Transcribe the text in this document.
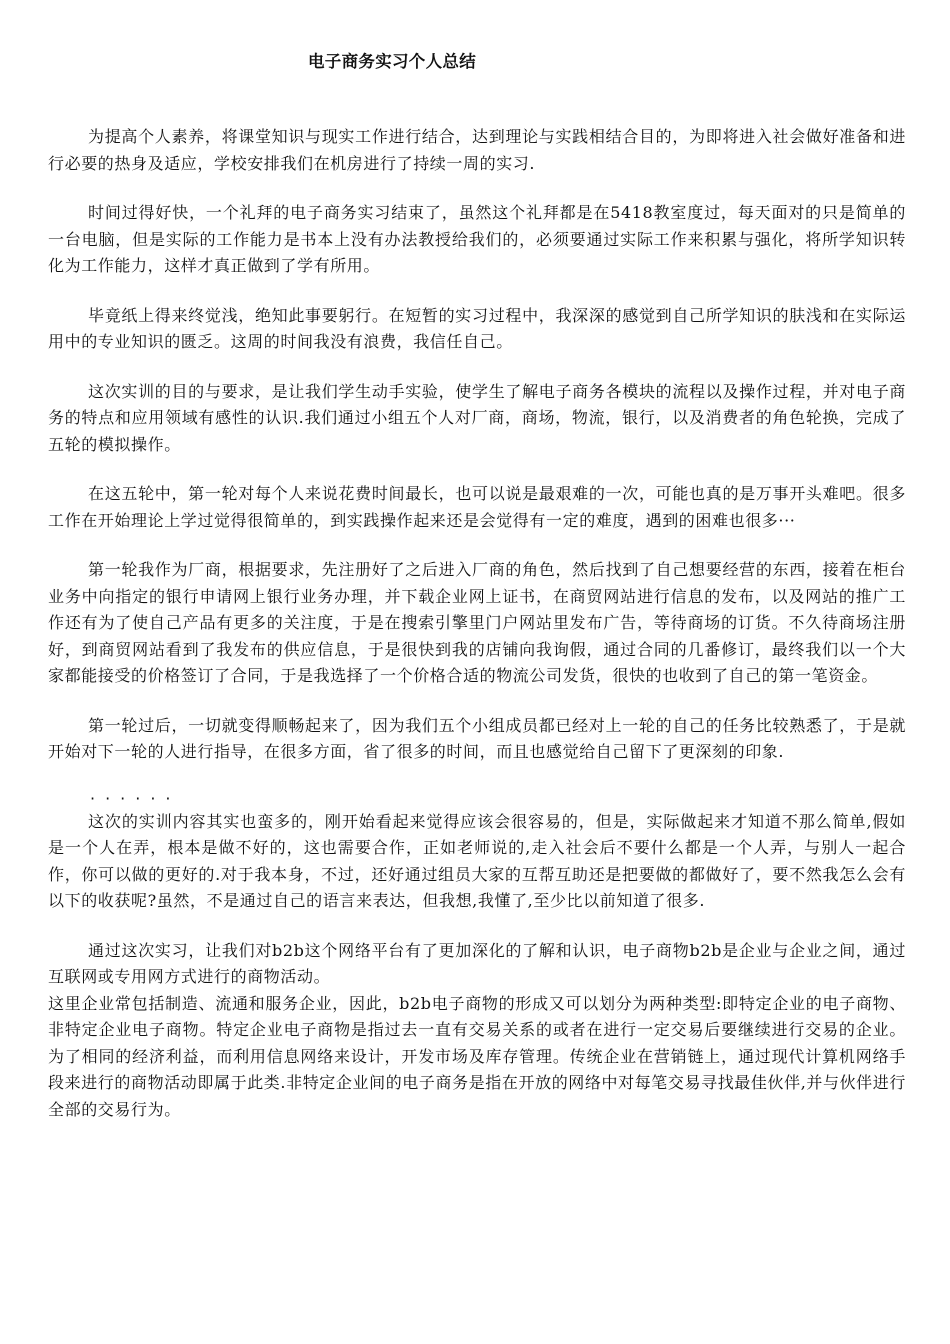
电子商务实习个人总结

为提高个人素养，将课堂知识与现实工作进行结合，达到理论与实践相结合目的，为即将进入社会做好准备和进行必要的热身及适应，学校安排我们在机房进行了持续一周的实习.

时间过得好快，一个礼拜的电子商务实习结束了，虽然这个礼拜都是在5418教室度过，每天面对的只是简单的一台电脑，但是实际的工作能力是书本上没有办法教授给我们的，必须要通过实际工作来积累与强化，将所学知识转化为工作能力，这样才真正做到了学有所用。

毕竟纸上得来终觉浅，绝知此事要躬行。在短暂的实习过程中，我深深的感觉到自己所学知识的肤浅和在实际运用中的专业知识的匮乏。这周的时间我没有浪费，我信任自己。

这次实训的目的与要求，是让我们学生动手实验，使学生了解电子商务各模块的流程以及操作过程，并对电子商务的特点和应用领域有感性的认识.我们通过小组五个人对厂商，商场，物流，银行，以及消费者的角色轮换，完成了五轮的模拟操作。

在这五轮中，第一轮对每个人来说花费时间最长，也可以说是最艰难的一次，可能也真的是万事开头难吧。很多工作在开始理论上学过觉得很简单的，到实践操作起来还是会觉得有一定的难度，遇到的困难也很多···

第一轮我作为厂商，根据要求，先注册好了之后进入厂商的角色，然后找到了自己想要经营的东西，接着在柜台业务中向指定的银行申请网上银行业务办理，并下载企业网上证书，在商贸网站进行信息的发布，以及网站的推广工作还有为了使自己产品有更多的关注度，于是在搜索引擎里门户网站里发布广告，等待商场的订货。不久待商场注册好，到商贸网站看到了我发布的供应信息，于是很快到我的店铺向我询假，通过合同的几番修订，最终我们以一个大家都能接受的价格签订了合同，于是我选择了一个价格合适的物流公司发货，很快的也收到了自己的第一笔资金。

第一轮过后，一切就变得顺畅起来了，因为我们五个小组成员都已经对上一轮的自己的任务比较熟悉了，于是就开始对下一轮的人进行指导，在很多方面，省了很多的时间，而且也感觉给自己留下了更深刻的印象.

······

这次的实训内容其实也蛮多的，刚开始看起来觉得应该会很容易的，但是，实际做起来才知道不那么简单,假如是一个人在弄，根本是做不好的，这也需要合作，正如老师说的,走入社会后不要什么都是一个人弄，与别人一起合作，你可以做的更好的.对于我本身，不过，还好通过组员大家的互帮互助还是把要做的都做好了，要不然我怎么会有以下的收获呢?虽然，不是通过自己的语言来表达，但我想,我懂了,至少比以前知道了很多.

通过这次实习，让我们对b2b这个网络平台有了更加深化的了解和认识，电子商物b2b是企业与企业之间，通过互联网或专用网方式进行的商物活动。

这里企业常包括制造、流通和服务企业，因此，b2b电子商物的形成又可以划分为两种类型:即特定企业的电子商物、非特定企业电子商物。特定企业电子商物是指过去一直有交易关系的或者在进行一定交易后要继续进行交易的企业。为了相同的经济利益，而利用信息网络来设计，开发市场及库存管理。传统企业在营销链上，通过现代计算机网络手段来进行的商物活动即属于此类.非特定企业间的电子商务是指在开放的网络中对每笔交易寻找最佳伙伴,并与伙伴进行全部的交易行为。
